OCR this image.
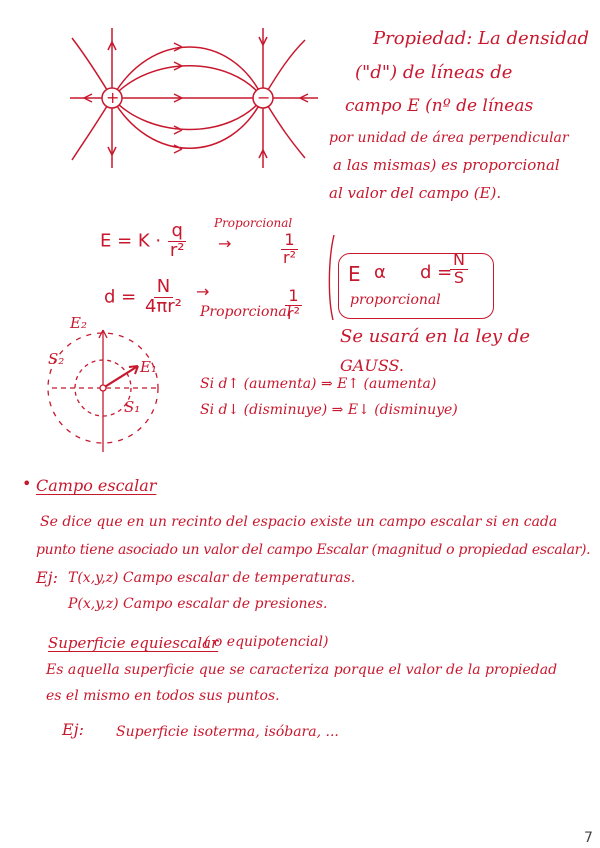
+	−
Propiedad: La densidad
("d") de líneas de
campo E (nº de líneas
por unidad de área perpendicular
a las mismas) es proporcional
al valor del campo (E).
$E = K \cdot \frac{q}{\text{r²}}$ Proporcional
→	$\frac{1}{\text{r²}}$
$d = \frac{N}{\text{4πr²}}$ →
Proporcional
$\frac{1}{\text{r²}}$
E α d =
$\frac{N}{S}$
proporcional
Se usará en la ley de
GAUSS.
E₂
S₂	E₁
S₁
Si d↑ (aumenta) ⇒ E↑ (aumenta)
Si d↓ (disminuye) ⇒ E↓ (disminuye)
• Campo escalar
Se dice que en un recinto del espacio existe un campo escalar si en cada
punto tiene asociado un valor del campo Escalar (magnitud o propiedad escalar).
Ej: T(x,y,z) Campo escalar de temperaturas.
P(x,y,z) Campo escalar de presiones.
Superficie equiescalar
( o equipotencial)
Es aquella superficie que se caracteriza porque el valor de la propiedad
es el mismo en todos sus puntos.
Ej: Superficie isoterma, isóbara, ...
7
